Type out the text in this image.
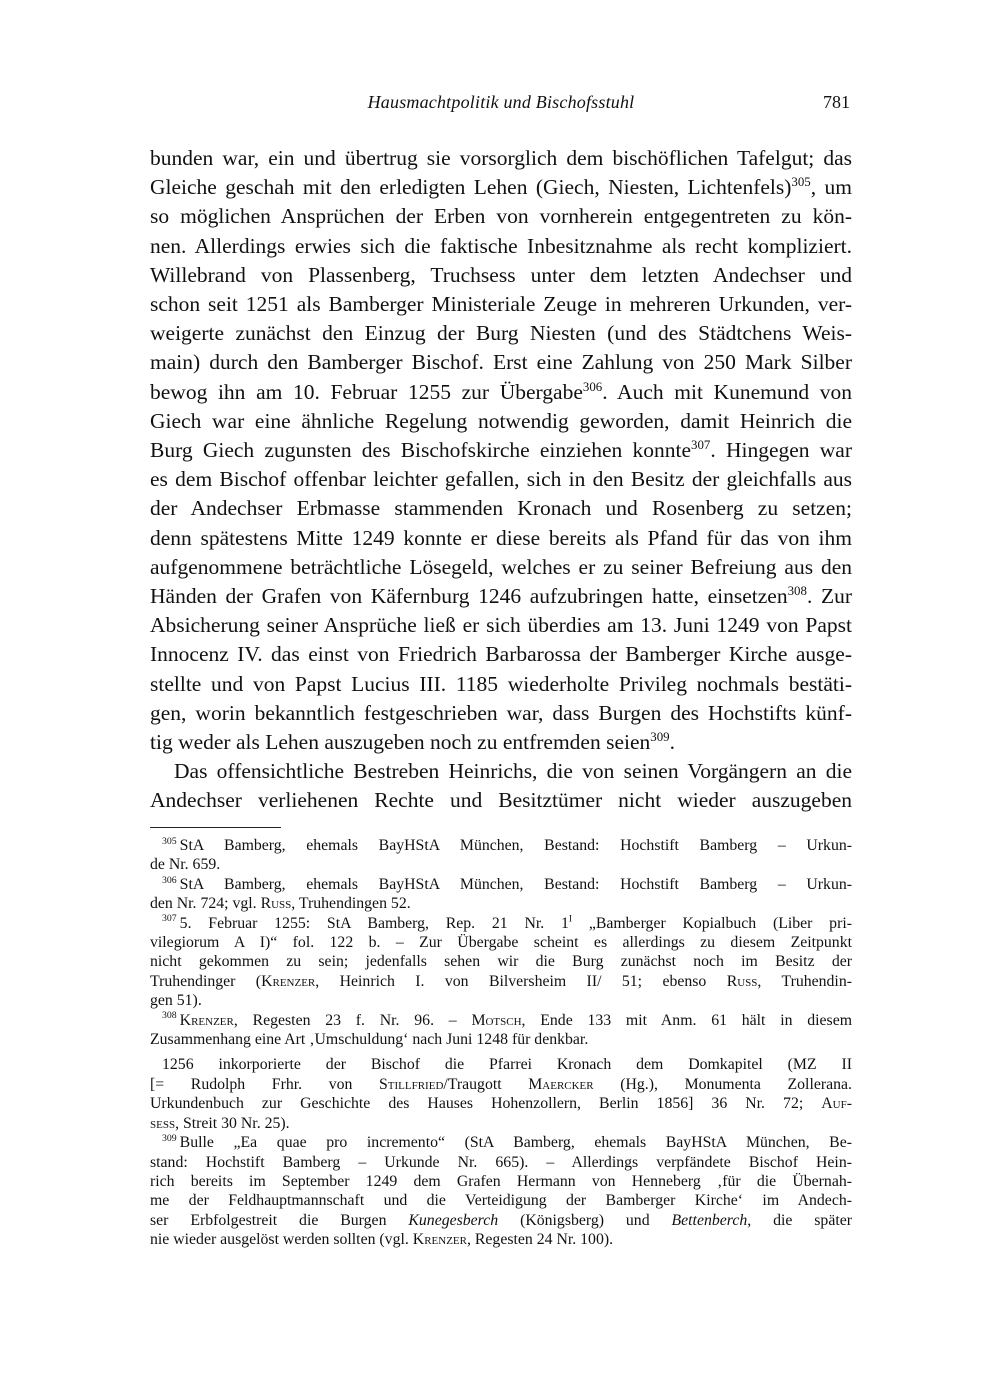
Hausmachtpolitik und Bischofsstuhl	781
bunden war, ein und übertrug sie vorsorglich dem bischöflichen Tafelgut; das
Gleiche geschah mit den erledigten Lehen (Giech, Niesten, Lichtenfels)$^{305}$, um
so möglichen Ansprüchen der Erben von vornherein entgegentreten zu kön-
nen. Allerdings erwies sich die faktische Inbesitznahme als recht kompliziert.
Willebrand von Plassenberg, Truchsess unter dem letzten Andechser und
schon seit 1251 als Bamberger Ministeriale Zeuge in mehreren Urkunden, ver-
weigerte zunächst den Einzug der Burg Niesten (und des Städtchens Weis-
main) durch den Bamberger Bischof. Erst eine Zahlung von 250 Mark Silber
bewog ihn am 10. Februar 1255 zur Übergabe$^{306}$. Auch mit Kunemund von
Giech war eine ähnliche Regelung notwendig geworden, damit Heinrich die
Burg Giech zugunsten des Bischofskirche einziehen konnte$^{307}$. Hingegen war
es dem Bischof offenbar leichter gefallen, sich in den Besitz der gleichfalls aus
der Andechser Erbmasse stammenden Kronach und Rosenberg zu setzen;
denn spätestens Mitte 1249 konnte er diese bereits als Pfand für das von ihm
aufgenommene beträchtliche Lösegeld, welches er zu seiner Befreiung aus den
Händen der Grafen von Käfernburg 1246 aufzubringen hatte, einsetzen$^{308}$. Zur
Absicherung seiner Ansprüche ließ er sich überdies am 13. Juni 1249 von Papst
Innocenz IV. das einst von Friedrich Barbarossa der Bamberger Kirche ausge-
stellte und von Papst Lucius III. 1185 wiederholte Privileg nochmals bestäti-
gen, worin bekanntlich festgeschrieben war, dass Burgen des Hochstifts künf-
tig weder als Lehen auszugeben noch zu entfremden seien$^{309}$.
Das offensichtliche Bestreben Heinrichs, die von seinen Vorgängern an die
Andechser verliehenen Rechte und Besitztümer nicht wieder auszugeben
$^{305}$ StA Bamberg, ehemals BayHStA München, Bestand: Hochstift Bamberg – Urkun-
de Nr. 659.
$^{306}$ StA Bamberg, ehemals BayHStA München, Bestand: Hochstift Bamberg – Urkun-
den Nr. 724; vgl. Russ, Truhendingen 52.
$^{307}$ 5. Februar 1255: StA Bamberg, Rep. 21 Nr. $1^I$ „Bamberger Kopialbuch (Liber pri-
vilegiorum A I)“ fol. 122 b. – Zur Übergabe scheint es allerdings zu diesem Zeitpunkt
nicht gekommen zu sein; jedenfalls sehen wir die Burg zunächst noch im Besitz der
Truhendinger (Krenzer, Heinrich I. von Bilversheim II/ 51; ebenso Russ, Truhendin-
gen 51).
$^{308}$ Krenzer, Regesten 23 f. Nr. 96. – Motsch, Ende 133 mit Anm. 61 hält in diesem
Zusammenhang eine Art ‚Umschuldung‘ nach Juni 1248 für denkbar.
1256 inkorporierte der Bischof die Pfarrei Kronach dem Domkapitel (MZ II
[= Rudolph Frhr. von Stillfried/Traugott Maercker (Hg.), Monumenta Zollerana.
Urkundenbuch zur Geschichte des Hauses Hohenzollern, Berlin 1856] 36 Nr. 72; Auf-
sess, Streit 30 Nr. 25).
$^{309}$ Bulle „Ea quae pro incremento“ (StA Bamberg, ehemals BayHStA München, Be-
stand: Hochstift Bamberg – Urkunde Nr. 665). – Allerdings verpfändete Bischof Hein-
rich bereits im September 1249 dem Grafen Hermann von Henneberg ‚für die Übernah-
me der Feldhauptmannschaft und die Verteidigung der Bamberger Kirche‘ im Andech-
ser Erbfolgestreit die Burgen Kunegesberch (Königsberg) und Bettenberch, die später
nie wieder ausgelöst werden sollten (vgl. Krenzer, Regesten 24 Nr. 100).
